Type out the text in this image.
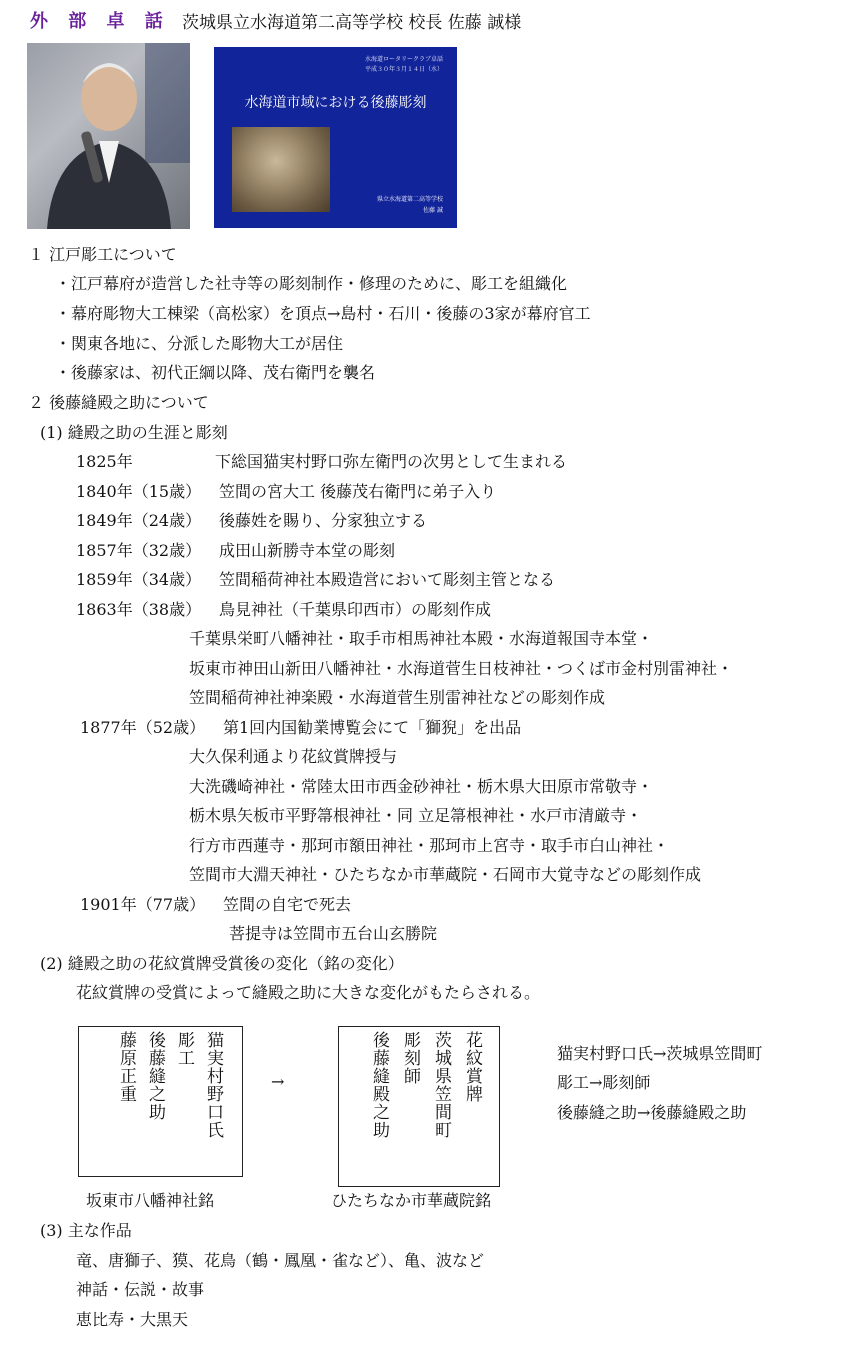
外 部 卓 話 茨城県立水海道第二高等学校 校長 佐藤 誠様
水海道ロータリークラブ卓話
平成３０年３月１４日（水）
水海道市域における後藤彫刻
県立水海道第二高等学校
佐藤 誠
１ 江戸彫工について
・江戸幕府が造営した社寺等の彫刻制作・修理のために、彫工を組織化
・幕府彫物大工棟梁（高松家）を頂点→島村・石川・後藤の3家が幕府官工
・関東各地に、分派した彫物大工が居住
・後藤家は、初代正綱以降、茂右衛門を襲名
２ 後藤縫殿之助について
(1) 縫殿之助の生涯と彫刻
1825年	下総国猫実村野口弥左衛門の次男として生まれる
1840年（15歳） 笠間の宮大工 後藤茂右衛門に弟子入り
1849年（24歳） 後藤姓を賜り、分家独立する
1857年（32歳） 成田山新勝寺本堂の彫刻
1859年（34歳） 笠間稲荷神社本殿造営において彫刻主管となる
1863年（38歳） 鳥見神社（千葉県印西市）の彫刻作成
千葉県栄町八幡神社・取手市相馬神社本殿・水海道報国寺本堂・
坂東市神田山新田八幡神社・水海道菅生日枝神社・つくば市金村別雷神社・
笠間稲荷神社神楽殿・水海道菅生別雷神社などの彫刻作成
1877年（52歳） 第1回内国勧業博覧会にて「獅猊」を出品
大久保利通より花紋賞牌授与
大洗磯崎神社・常陸太田市西金砂神社・栃木県大田原市常敬寺・
栃木県矢板市平野箒根神社・同 立足箒根神社・水戸市清厳寺・
行方市西蓮寺・那珂市額田神社・那珂市上宮寺・取手市白山神社・
笠間市大淵天神社・ひたちなか市華蔵院・石岡市大覚寺などの彫刻作成
1901年（77歳） 笠間の自宅で死去
菩提寺は笠間市五台山玄勝院
(2) 縫殿之助の花紋賞牌受賞後の変化（銘の変化）
花紋賞牌の受賞によって縫殿之助に大きな変化がもたらされる。
猫実村野口氏
彫工
後藤縫之助
藤原正重	→	花紋賞牌
茨城県笠間町
彫刻師
後藤縫殿之助	猫実村野口氏→茨城県笠間町
彫工→彫刻師
後藤縫之助→後藤縫殿之助
坂東市八幡神社銘	ひたちなか市華蔵院銘
(3) 主な作品
竜、唐獅子、獏、花鳥（鶴・鳳凰・雀など）、亀、波など
神話・伝説・故事
恵比寿・大黒天
